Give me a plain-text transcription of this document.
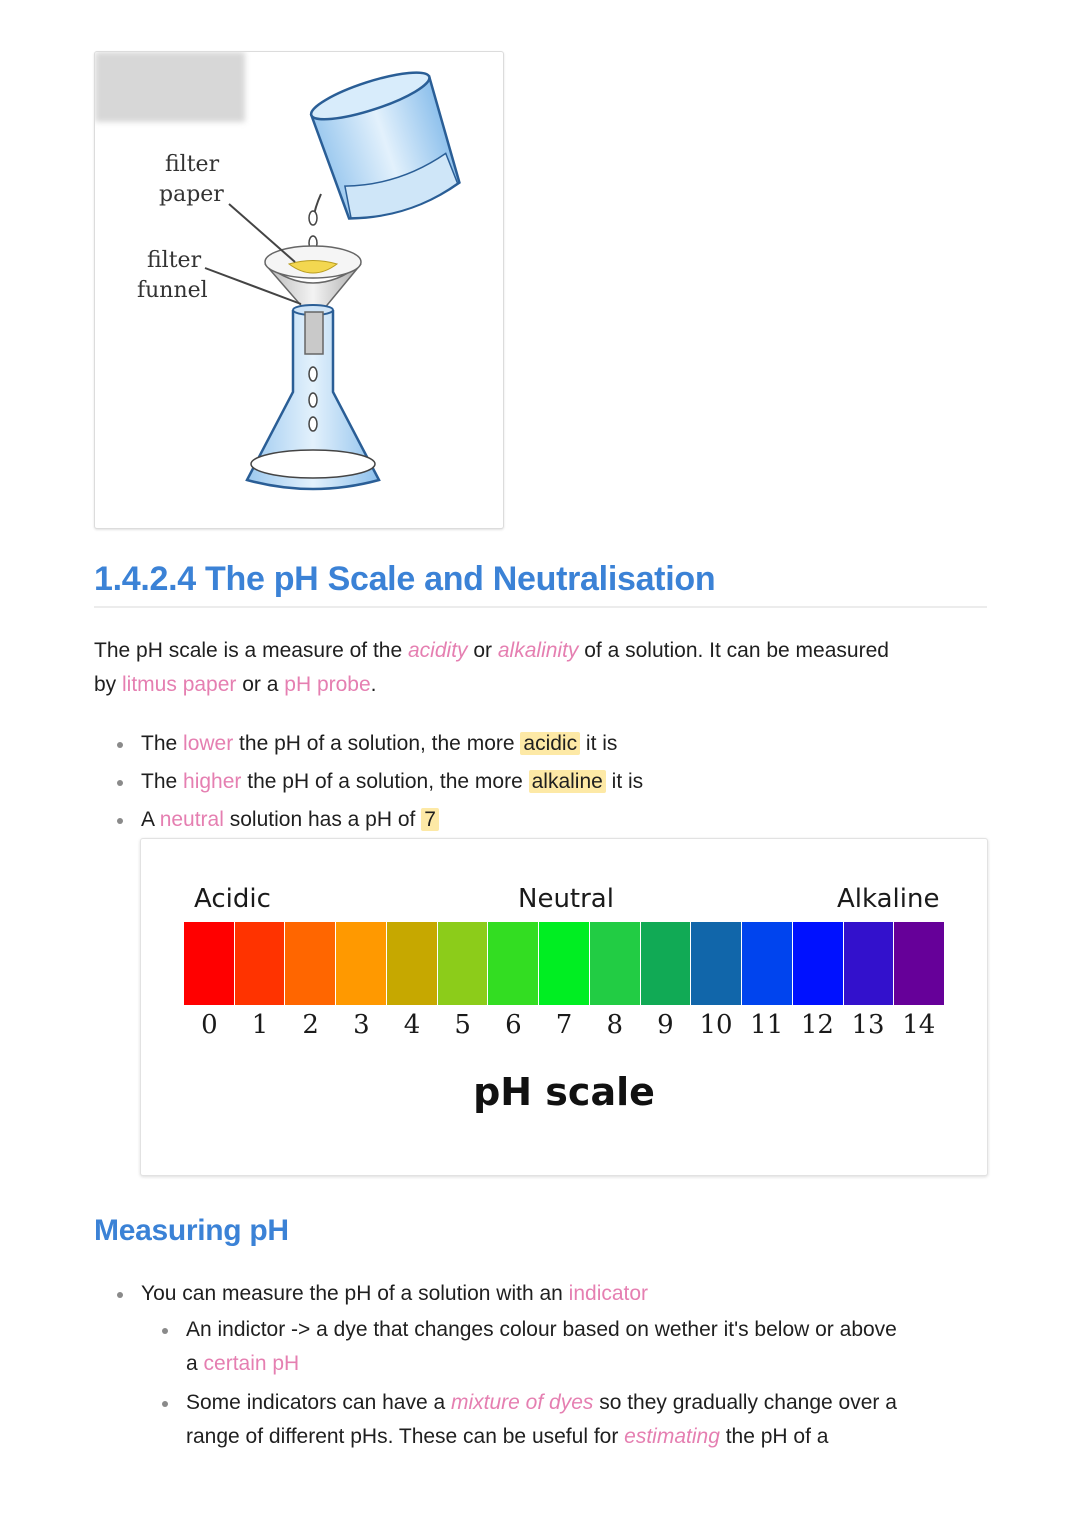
filter
paper
filter
funnel
1.4.2.4 The pH Scale and Neutralisation
The pH scale is a measure of the acidity or alkalinity of a solution. It can be measured
by litmus paper or a pH probe.
The lower the pH of a solution, the more acidic it is
The higher the pH of a solution, the more alkaline it is
A neutral solution has a pH of 7
Acidic	Neutral	Alkaline
0	1	2	3	4	5	6	7	8	9 10 11 12 13 14
pH scale
Measuring pH
You can measure the pH of a solution with an indicator
An indictor -> a dye that changes colour based on wether it's below or above
a certain pH
Some indicators can have a mixture of dyes so they gradually change over a
range of different pHs. These can be useful for estimating the pH of a
